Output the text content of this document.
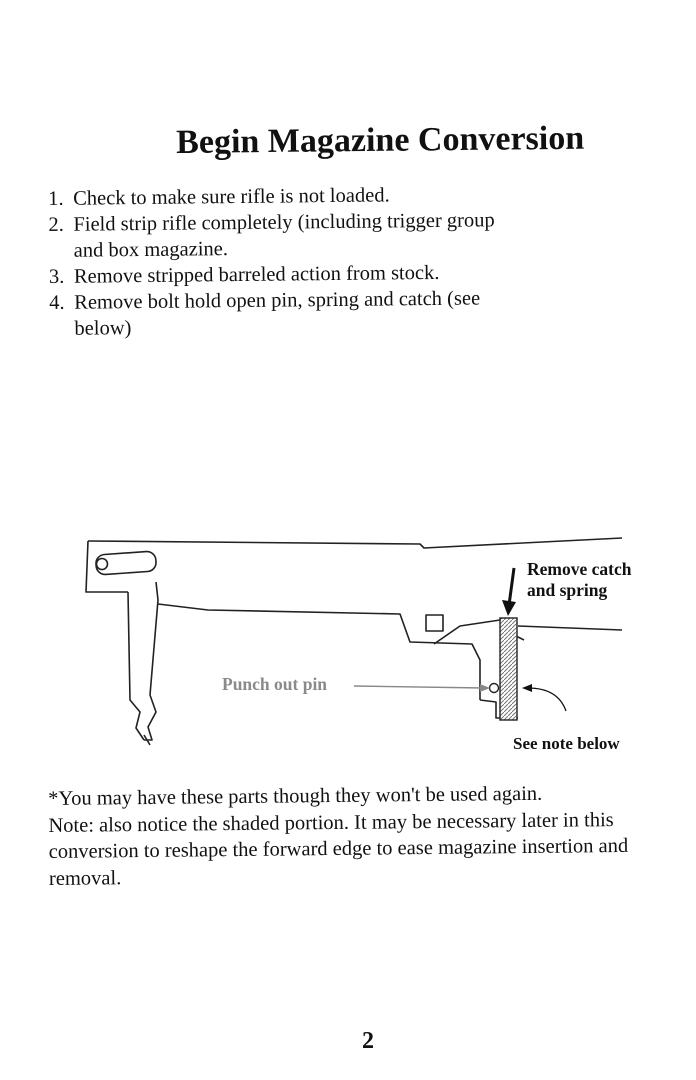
Begin Magazine Conversion
1. Check to make sure rifle is not loaded.
2. Field strip rifle completely (including trigger group and box magazine.
3. Remove stripped barreled action from stock.
4. Remove bolt hold open pin, spring and catch (see below)
Remove catch
and spring
Punch out pin
See note below

*You may have these parts though they won't be used again.

Note: also notice the shaded portion. It may be necessary later in this conversion to reshape the forward edge to ease magazine insertion and removal.

2
